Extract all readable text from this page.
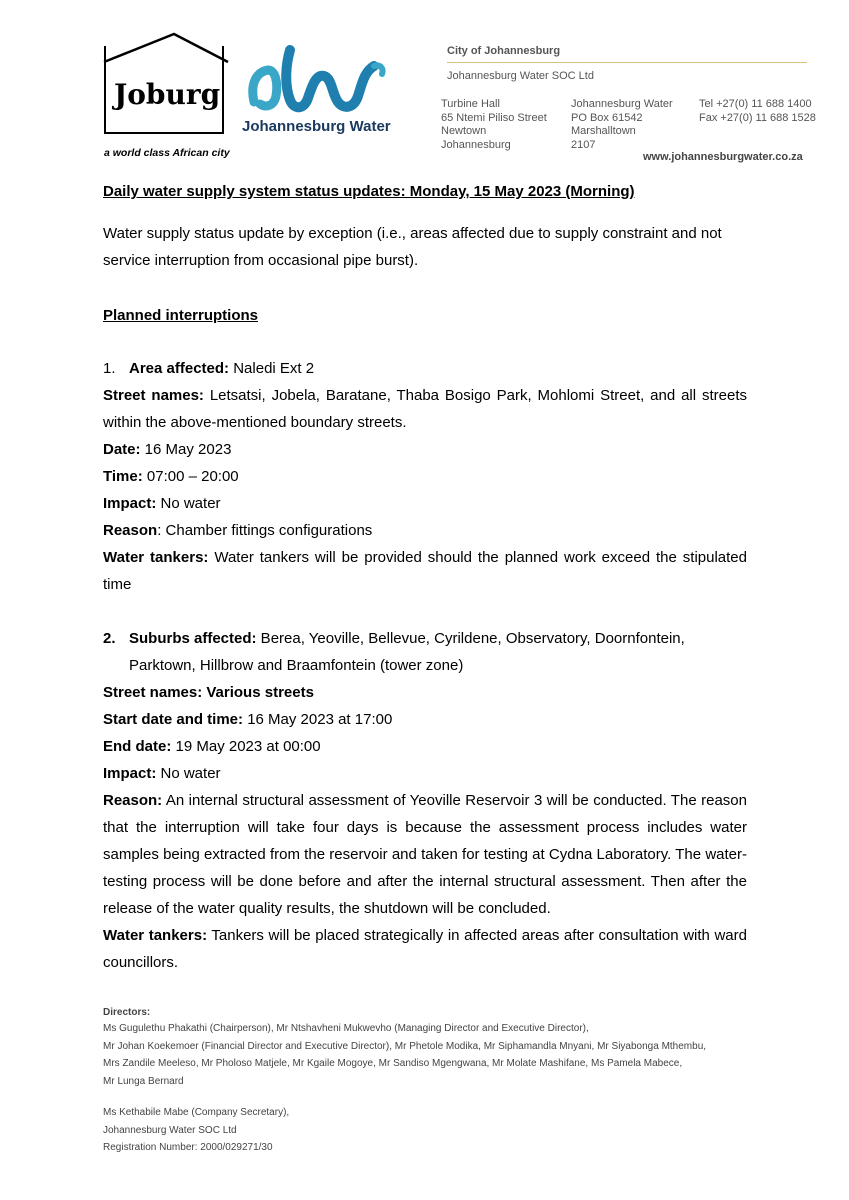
Joburg
a world class African city
Johannesburg Water
City of Johannesburg
Johannesburg Water SOC Ltd
Turbine Hall
65 Ntemi Piliso Street
Newtown
Johannesburg
Johannesburg Water
PO Box 61542
Marshalltown
2107
Tel +27(0) 11 688 1400
Fax +27(0) 11 688 1528
www.johannesburgwater.co.za
Daily water supply system status updates: Monday, 15 May 2023 (Morning)
Water supply status update by exception (i.e., areas affected due to supply constraint and not service interruption from occasional pipe burst).
Planned interruptions

1. Area affected: Naledi Ext 2

Street names: Letsatsi, Jobela, Baratane, Thaba Bosigo Park, Mohlomi Street, and all streets within the above-mentioned boundary streets.

Date: 16 May 2023

Time: 07:00 – 20:00

Impact: No water

Reason: Chamber fittings configurations

Water tankers: Water tankers will be provided should the planned work exceed the stipulated time

2. Suburbs affected: Berea, Yeoville, Bellevue, Cyrildene, Observatory, Doornfontein,

Parktown, Hillbrow and Braamfontein (tower zone)

Street names: Various streets

Start date and time: 16 May 2023 at 17:00

End date: 19 May 2023 at 00:00

Impact: No water

Reason: An internal structural assessment of Yeoville Reservoir 3 will be conducted. The reason that the interruption will take four days is because the assessment process includes water samples being extracted from the reservoir and taken for testing at Cydna Laboratory. The water-testing process will be done before and after the internal structural assessment. Then after the release of the water quality results, the shutdown will be concluded.

Water tankers: Tankers will be placed strategically in affected areas after consultation with ward councillors.

Directors:
Ms Gugulethu Phakathi (Chairperson), Mr Ntshavheni Mukwevho (Managing Director and Executive Director),
Mr Johan Koekemoer (Financial Director and Executive Director), Mr Phetole Modika, Mr Siphamandla Mnyani, Mr Siyabonga Mthembu,
Mrs Zandile Meeleso, Mr Pholoso Matjele, Mr Kgaile Mogoye, Mr Sandiso Mgengwana, Mr Molate Mashifane, Ms Pamela Mabece,
Mr Lunga Bernard
Ms Kethabile Mabe (Company Secretary),
Johannesburg Water SOC Ltd
Registration Number: 2000/029271/30
